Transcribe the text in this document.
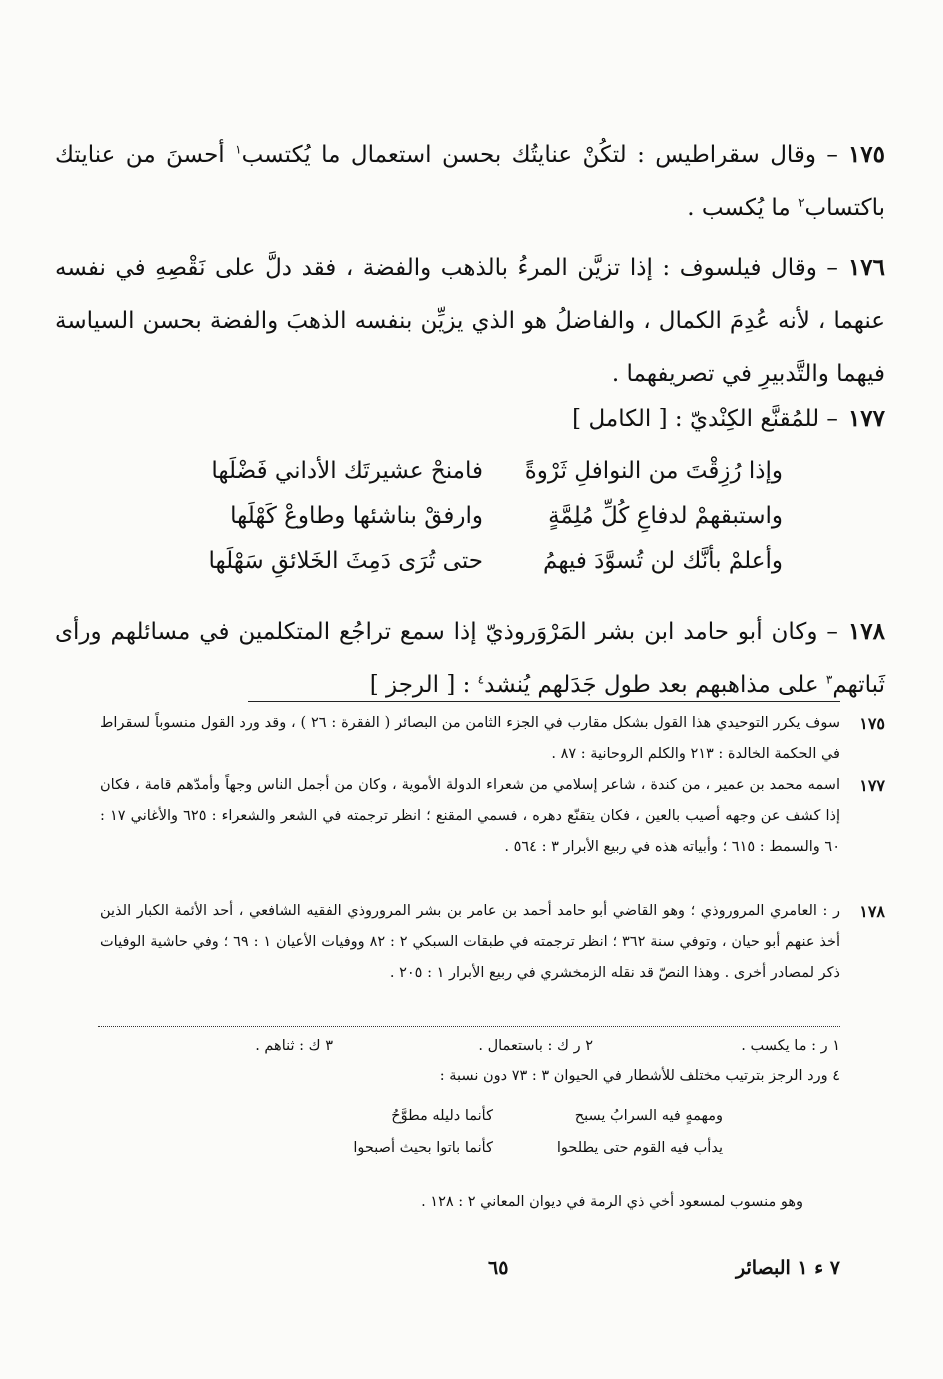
١٧٥– وقال سقراطيس : لتكُنْ عنايتُك بحسن استعمال ما يُكتسب$^١$ أحسنَ من عنايتك باكتساب$^٢$ ما يُكسب .
١٧٦– وقال فيلسوف : إذا تزيَّن المرءُ بالذهب والفضة ، فقد دلَّ على نَقْصِهِ في نفسه عنهما ، لأنه عُدِمَ الكمال ، والفاضلُ هو الذي يزيِّن بنفسه الذهبَ والفضة بحسن السياسة فيهما والتَّدبيرِ في تصريفهما .
١٧٧– للمُقنَّع الكِنْديّ : [ الكامل ]
وإذا رُزِقْتَ من النوافلِ ثَرْوةً
فامنحْ عشيرتَك الأداني فَضْلَها
واستبقهمْ لدفاعِ كُلِّ مُلِمَّةٍ
وارفقْ بناشئها وطاوعْ كَهْلَها
وأعلمْ بأنَّك لن تُسوَّدَ فيهمُ
حتى تُرَى دَمِثَ الخَلائقِ سَهْلَها
١٧٨– وكان أبو حامد ابن بشر المَرْوَروذيّ إذا سمع تراجُع المتكلمين في مسائلهم ورأى ثَباتهم$^٣$ على مذاهبهم بعد طول جَدَلهم يُنشد$^٤$ : [ الرجز ]
١٧٥
سوف يكرر التوحيدي هذا القول بشكل مقارب في الجزء الثامن من البصائر ( الفقرة : ٢٦ ) ، وقد ورد القول منسوباً لسقراط في الحكمة الخالدة : ٢١٣ والكلم الروحانية : ٨٧ .
١٧٧
اسمه محمد بن عمير ، من كندة ، شاعر إسلامي من شعراء الدولة الأموية ، وكان من أجمل الناس وجهاً وأمدّهم قامة ، فكان إذا كشف عن وجهه أصيب بالعين ، فكان يتقنّع دهره ، فسمي المقنع ؛ انظر ترجمته في الشعر والشعراء : ٦٢٥ والأغاني ١٧ : ٦٠ والسمط : ٦١٥ ؛ وأبياته هذه في ربيع الأبرار ٣ : ٥٦٤ .
١٧٨
ر : العامري المروروذي ؛ وهو القاضي أبو حامد أحمد بن عامر بن بشر المروروذي الفقيه الشافعي ، أحد الأئمة الكبار الذين أخذ عنهم أبو حيان ، وتوفي سنة ٣٦٢ ؛ انظر ترجمته في طبقات السبكي ٢ : ٨٢ ووفيات الأعيان ١ : ٦٩ ؛ وفي حاشية الوفيات ذكر لمصادر أخرى . وهذا النصّ قد نقله الزمخشري في ربيع الأبرار ١ : ٢٠٥ .
١ ر : ما يكسب .
٢ ر ك : باستعمال .
٣ ك : ثناهم .
٤ ورد الرجز بترتيب مختلف للأشطار في الحيوان ٣ : ٧٣ دون نسبة :
ومهمهٍ فيه السرابُ يسبح
كأنما دليله مطوَّحُ
يدأب فيه القوم حتى يطلحوا
كأنما باتوا بحيث أصبحوا
وهو منسوب لمسعود أخي ذي الرمة في ديوان المعاني ٢ : ١٢٨ .
٦٥	٧ ء ١ البصائر
